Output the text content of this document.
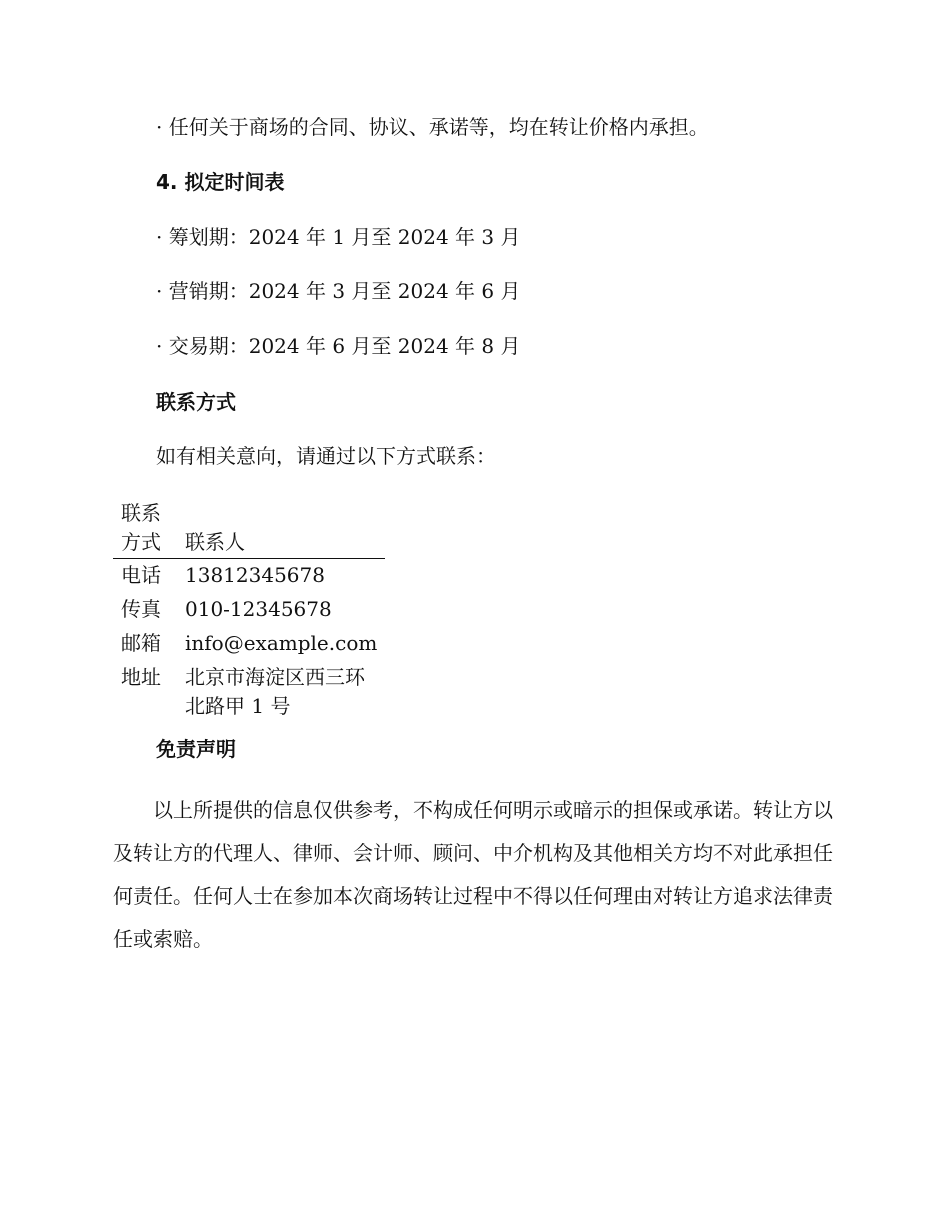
· 任何关于商场的合同、协议、承诺等，均在转让价格内承担。
4. 拟定时间表
· 筹划期：2024 年 1 月至 2024 年 3 月
· 营销期：2024 年 3 月至 2024 年 6 月
· 交易期：2024 年 6 月至 2024 年 8 月
联系方式
如有相关意向，请通过以下方式联系：
联系方式	联系人
电话	13812345678
传真	010-12345678
邮箱	info@example.com
地址	北京市海淀区西三环北路甲 1 号
免责声明
以上所提供的信息仅供参考，不构成任何明示或暗示的担保或承诺。转让方以及转让方的代理人、律师、会计师、顾问、中介机构及其他相关方均不对此承担任何责任。任何人士在参加本次商场转让过程中不得以任何理由对转让方追求法律责任或索赔。
